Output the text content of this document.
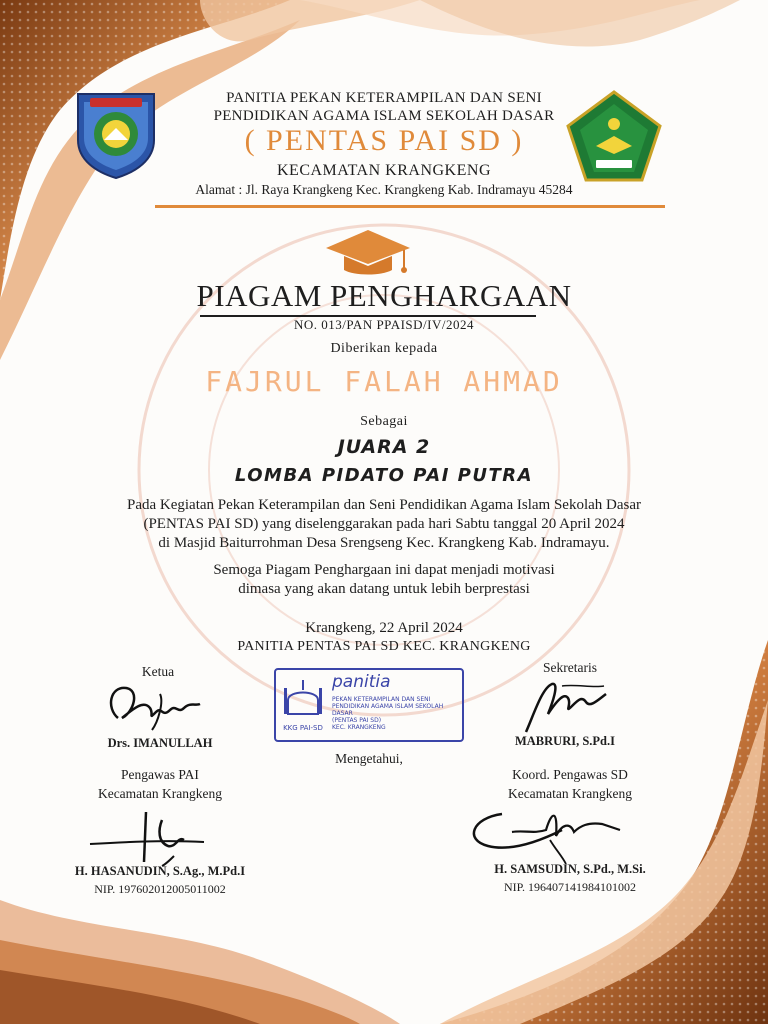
PANITIA PEKAN KETERAMPILAN DAN SENI
PENDIDIKAN AGAMA ISLAM SEKOLAH DASAR
( PENTAS PAI SD )
KECAMATAN KRANGKENG
Alamat : Jl. Raya Krangkeng Kec. Krangkeng Kab. Indramayu 45284
PIAGAM PENGHARGAAN
NO. 013/PAN PPAISD/IV/2024
Diberikan kepada
FAJRUL FALAH AHMAD
Sebagai
JUARA 2
LOMBA PIDATO PAI PUTRA
Pada Kegiatan Pekan Keterampilan dan Seni Pendidikan Agama Islam Sekolah Dasar
(PENTAS PAI SD) yang diselenggarakan pada hari Sabtu tanggal 20 April 2024
di Masjid Baiturrohman Desa Srengseng Kec. Krangkeng Kab. Indramayu.
Semoga Piagam Penghargaan ini dapat menjadi motivasi
dimasa yang akan datang untuk lebih berprestasi
Krangkeng, 22 April 2024
PANITIA PENTAS PAI SD KEC. KRANGKENG
Ketua
Drs. IMANULLAH
KKG PAI-SD
panitia
PEKAN KETERAMPILAN DAN SENI
PENDIDIKAN AGAMA ISLAM SEKOLAH DASAR
(PENTAS PAI SD)
KEC. KRANGKENG
Sekretaris
MABRURI, S.Pd.I
Mengetahui,
Pengawas PAI
Kecamatan Krangkeng
H. HASANUDIN, S.Ag., M.Pd.I
NIP. 197602012005011002
Koord. Pengawas SD
Kecamatan Krangkeng
H. SAMSUDIN, S.Pd., M.Si.
NIP. 196407141984101002
